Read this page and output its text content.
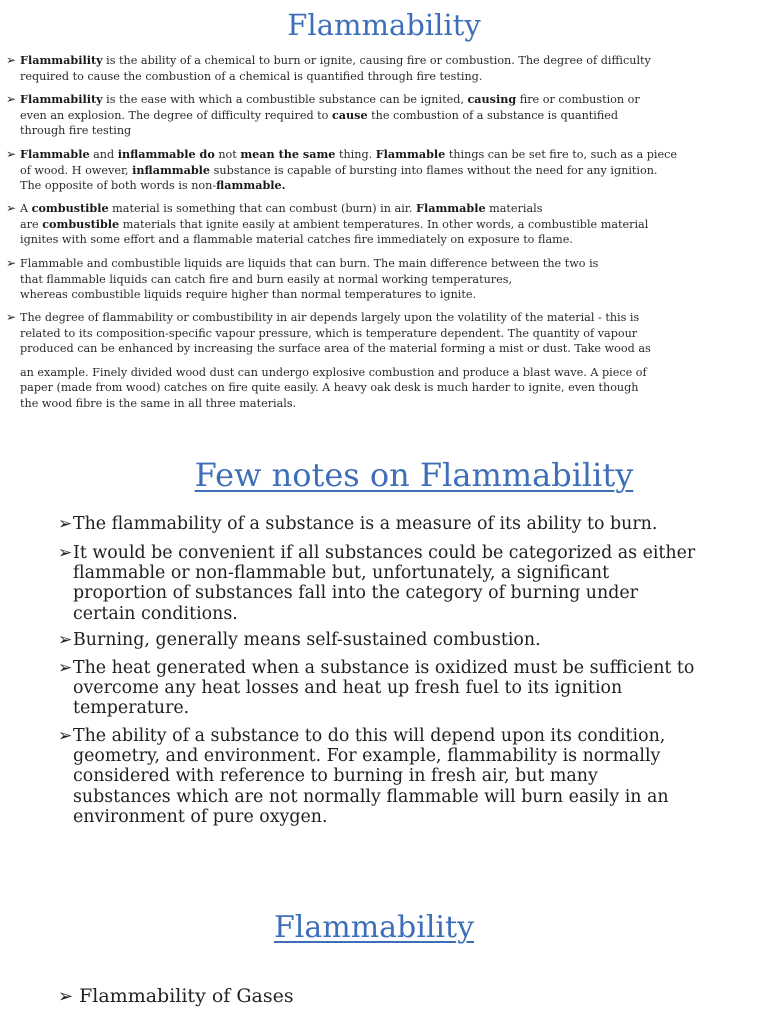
Flammability
➢ Flammability is the ability of a chemical to burn or ignite, causing fire or combustion. The degree of difficulty
required to cause the combustion of a chemical is quantified through fire testing.
➢ Flammability is the ease with which a combustible substance can be ignited, causing fire or combustion or
even an explosion. The degree of difficulty required to cause the combustion of a substance is quantified
through fire testing
➢ Flammable and inflammable do not mean the same thing. Flammable things can be set fire to, such as a piece
of wood. H owever, inflammable substance is capable of bursting into flames without the need for any ignition.
The opposite of both words is non-flammable.
➢ A combustible material is something that can combust (burn) in air. Flammable materials
are combustible materials that ignite easily at ambient temperatures. In other words, a combustible material
ignites with some effort and a flammable material catches fire immediately on exposure to flame.
➢ Flammable and combustible liquids are liquids that can burn. The main difference between the two is
that flammable liquids can catch fire and burn easily at normal working temperatures,
whereas combustible liquids require higher than normal temperatures to ignite.
➢ The degree of flammability or combustibility in air depends largely upon the volatility of the material - this is
related to its composition-specific vapour pressure, which is temperature dependent. The quantity of vapour
produced can be enhanced by increasing the surface area of the material forming a mist or dust. Take wood as
an example. Finely divided wood dust can undergo explosive combustion and produce a blast wave. A piece of
paper (made from wood) catches on fire quite easily. A heavy oak desk is much harder to ignite, even though
the wood fibre is the same in all three materials.
Few notes on Flammability
➢ The flammability of a substance is a measure of its ability to burn.
➢ It would be convenient if all substances could be categorized as either
flammable or non-flammable but, unfortunately, a significant
proportion of substances fall into the category of burning under
certain conditions.
➢ Burning, generally means self-sustained combustion.
➢ The heat generated when a substance is oxidized must be sufficient to
overcome any heat losses and heat up fresh fuel to its ignition
temperature.
➢ The ability of a substance to do this will depend upon its condition,
geometry, and environment. For example, flammability is normally
considered with reference to burning in fresh air, but many
substances which are not normally flammable will burn easily in an
environment of pure oxygen.
Flammability
➢ Flammability of Gases
